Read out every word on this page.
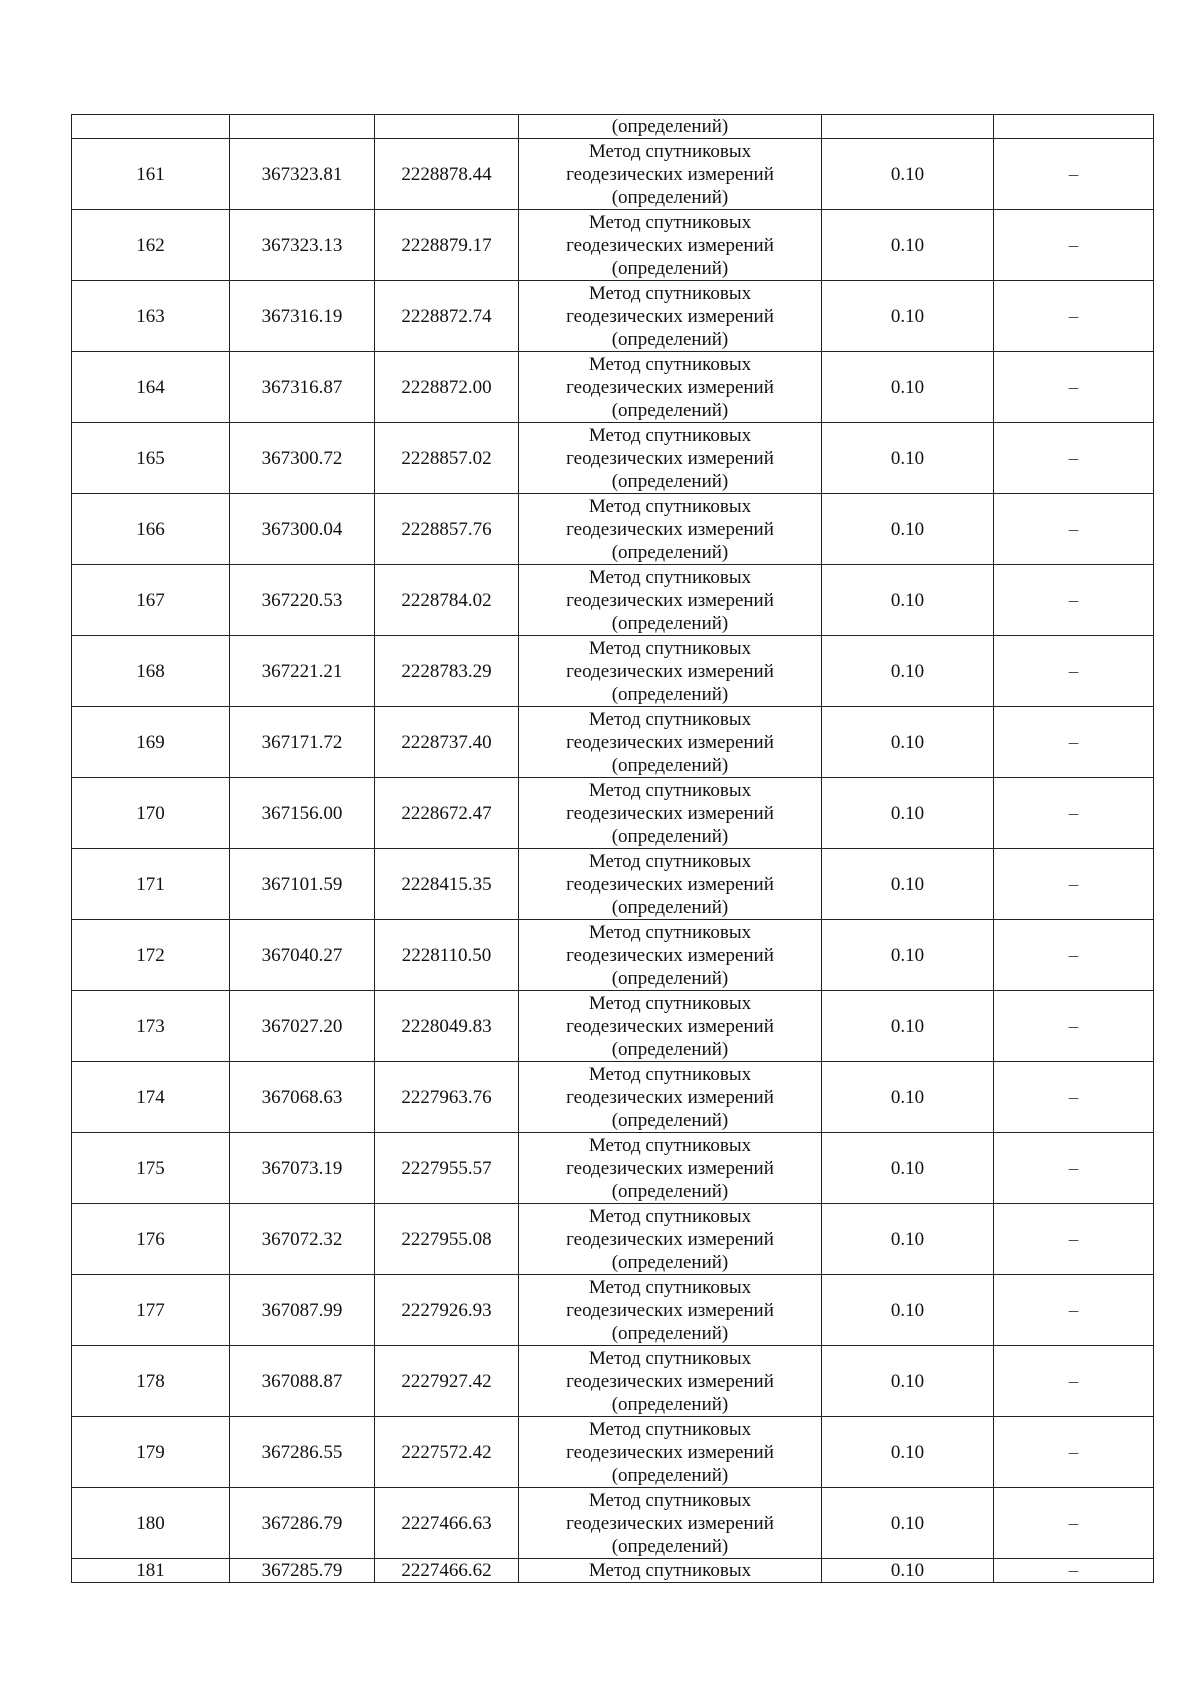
			(определений)		
161	367323.81	2228878.44	Метод спутниковых
геодезических измерений
(определений)	0.10	–
162	367323.13	2228879.17	Метод спутниковых
геодезических измерений
(определений)	0.10	–
163	367316.19	2228872.74	Метод спутниковых
геодезических измерений
(определений)	0.10	–
164	367316.87	2228872.00	Метод спутниковых
геодезических измерений
(определений)	0.10	–
165	367300.72	2228857.02	Метод спутниковых
геодезических измерений
(определений)	0.10	–
166	367300.04	2228857.76	Метод спутниковых
геодезических измерений
(определений)	0.10	–
167	367220.53	2228784.02	Метод спутниковых
геодезических измерений
(определений)	0.10	–
168	367221.21	2228783.29	Метод спутниковых
геодезических измерений
(определений)	0.10	–
169	367171.72	2228737.40	Метод спутниковых
геодезических измерений
(определений)	0.10	–
170	367156.00	2228672.47	Метод спутниковых
геодезических измерений
(определений)	0.10	–
171	367101.59	2228415.35	Метод спутниковых
геодезических измерений
(определений)	0.10	–
172	367040.27	2228110.50	Метод спутниковых
геодезических измерений
(определений)	0.10	–
173	367027.20	2228049.83	Метод спутниковых
геодезических измерений
(определений)	0.10	–
174	367068.63	2227963.76	Метод спутниковых
геодезических измерений
(определений)	0.10	–
175	367073.19	2227955.57	Метод спутниковых
геодезических измерений
(определений)	0.10	–
176	367072.32	2227955.08	Метод спутниковых
геодезических измерений
(определений)	0.10	–
177	367087.99	2227926.93	Метод спутниковых
геодезических измерений
(определений)	0.10	–
178	367088.87	2227927.42	Метод спутниковых
геодезических измерений
(определений)	0.10	–
179	367286.55	2227572.42	Метод спутниковых
геодезических измерений
(определений)	0.10	–
180	367286.79	2227466.63	Метод спутниковых
геодезических измерений
(определений)	0.10	–
181	367285.79	2227466.62	Метод спутниковых	0.10	–
